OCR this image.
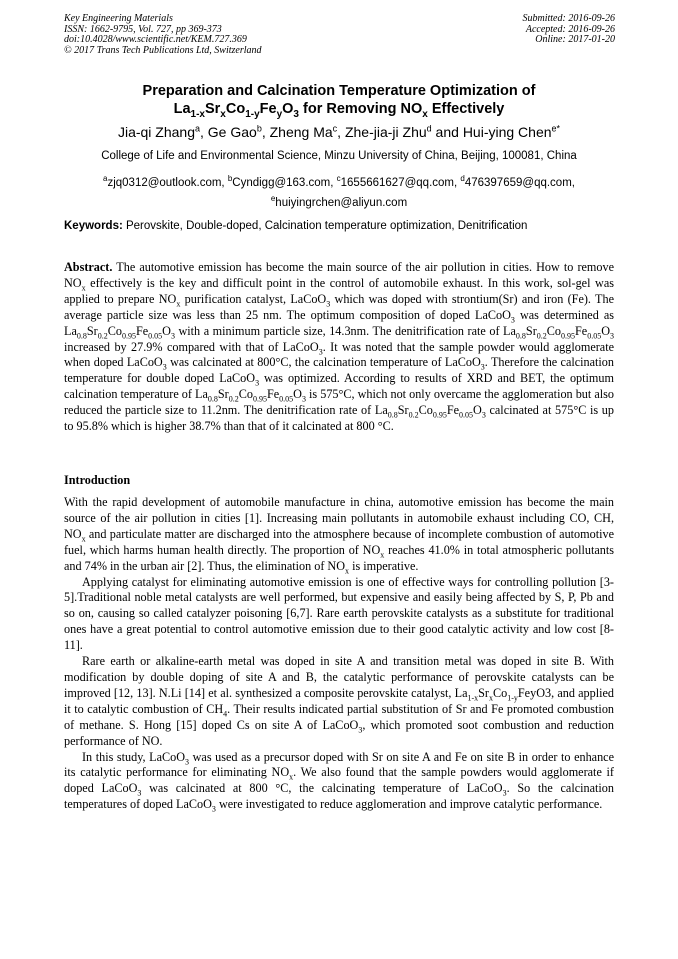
Key Engineering Materials
ISSN: 1662-9795, Vol. 727, pp 369-373
doi:10.4028/www.scientific.net/KEM.727.369
© 2017 Trans Tech Publications Ltd, Switzerland
Submitted: 2016-09-26
Accepted: 2016-09-26
Online: 2017-01-20
Preparation and Calcination Temperature Optimization of
$La_{1-x}Sr_xCo_{1-y}Fe_yO_3$ for Removing $NO_x$ Effectively
Jia-qi Zhang$^a$, Ge Gao$^b$, Zheng Ma$^c$, Zhe-jia-ji Zhu$^d$ and Hui-ying Chen$^{e*}$
College of Life and Environmental Science, Minzu University of China, Beijing, 100081, China
$^a$zjq0312@outlook.com, $^b$Cyndigg@163.com, $^c$1655661627@qq.com, $^d$476397659@qq.com,
$^e$huiyingrchen@aliyun.com
Keywords: Perovskite, Double-doped, Calcination temperature optimization, Denitrification

Abstract. The automotive emission has become the main source of the air pollution in cities. How to remove $NO_x$ effectively is the key and difficult point in the control of automobile exhaust. In this work, sol-gel was applied to prepare $NO_x$ purification catalyst, LaCoO$_3$ which was doped with strontium(Sr) and iron (Fe). The average particle size was less than 25 nm. The optimum composition of doped LaCoO$_3$ was determined as $La_{0.8}Sr_{0.2}Co_{0.95}Fe_{0.05}O_3$ with a minimum particle size, 14.3nm. The denitrification rate of $La_{0.8}Sr_{0.2}Co_{0.95}Fe_{0.05}O_3$ increased by 27.9% compared with that of LaCoO$_3$. It was noted that the sample powder would agglomerate when doped LaCoO$_3$ was calcinated at 800°C, the calcination temperature of LaCoO$_3$. Therefore the calcination temperature for double doped LaCoO$_3$ was optimized. According to results of XRD and BET, the optimum calcination temperature of $La_{0.8}Sr_{0.2}Co_{0.95}Fe_{0.05}O_3$ is 575°C, which not only overcame the agglomeration but also reduced the particle size to 11.2nm. The denitrification rate of $La_{0.8}Sr_{0.2}Co_{0.95}Fe_{0.05}O_3$ calcinated at 575°C is up to 95.8% which is higher 38.7% than that of it calcinated at 800 °C.

Introduction

With the rapid development of automobile manufacture in china, automotive emission has become the main source of the air pollution in cities [1]. Increasing main pollutants in automobile exhaust including CO, CH, $NO_x$ and particulate matter are discharged into the atmosphere because of incomplete combustion of automotive fuel, which harms human health directly. The proportion of $NO_x$ reaches 41.0% in total atmospheric pollutants and 74% in the urban air [2]. Thus, the elimination of $NO_x$ is imperative.

Applying catalyst for eliminating automotive emission is one of effective ways for controlling pollution [3-5].Traditional noble metal catalysts are well performed, but expensive and easily being affected by S, P, Pb and so on, causing so called catalyzer poisoning [6,7]. Rare earth perovskite catalysts as a substitute for traditional ones have a great potential to control automotive emission due to their good catalytic activity and low cost [8-11].

Rare earth or alkaline-earth metal was doped in site A and transition metal was doped in site B. With modification by double doping of site A and B, the catalytic performance of perovskite catalysts can be improved [12, 13]. N.Li [14] et al. synthesized a composite perovskite catalyst, $La_{1-x}Sr_xCo_{1-y}FeyO3$, and applied it to catalytic combustion of $CH_4$. Their results indicated partial substitution of Sr and Fe promoted combustion of methane. S. Hong [15] doped Cs on site A of LaCoO$_3$, which promoted soot combustion and reduction performance of NO.

In this study, LaCoO$_3$ was used as a precursor doped with Sr on site A and Fe on site B in order to enhance its catalytic performance for eliminating $NO_x$. We also found that the sample powders would agglomerate if doped LaCoO$_3$ was calcinated at 800 °C, the calcinating temperature of LaCoO$_3$. So the calcination temperatures of doped LaCoO$_3$ were investigated to reduce agglomeration and improve catalytic performance.
